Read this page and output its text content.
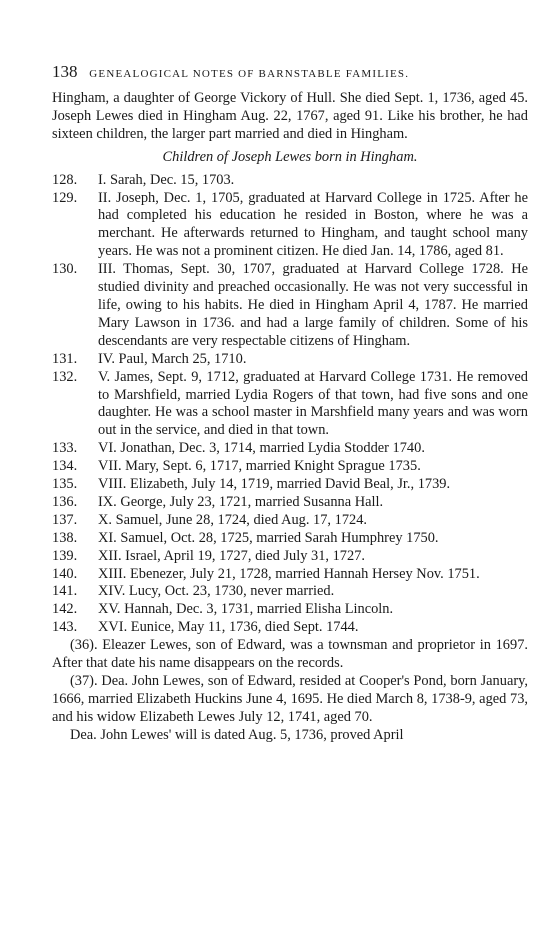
138 GENEALOGICAL NOTES OF BARNSTABLE FAMILIES.

Hingham, a daughter of George Vickory of Hull. She died Sept. 1, 1736, aged 45. Joseph Lewes died in Hingham Aug. 22, 1767, aged 91. Like his brother, he had sixteen children, the larger part married and died in Hingham.

Children of Joseph Lewes born in Hingham.
128.	I. Sarah, Dec. 15, 1703.
129.	II. Joseph, Dec. 1, 1705, graduated at Harvard College in 1725. After he had completed his education he resided in Boston, where he was a merchant. He afterwards returned to Hingham, and taught school many years. He was not a prominent citizen. He died Jan. 14, 1786, aged 81.
130.	III. Thomas, Sept. 30, 1707, graduated at Harvard College 1728. He studied divinity and preached occasionally. He was not very successful in life, owing to his habits. He died in Hingham April 4, 1787. He married Mary Lawson in 1736. and had a large family of children. Some of his descendants are very respectable citizens of Hingham.
131.	IV. Paul, March 25, 1710.
132.	V. James, Sept. 9, 1712, graduated at Harvard College 1731. He removed to Marshfield, married Lydia Rogers of that town, had five sons and one daughter. He was a school master in Marshfield many years and was worn out in the service, and died in that town.
133.	VI. Jonathan, Dec. 3, 1714, married Lydia Stodder 1740.
134.	VII. Mary, Sept. 6, 1717, married Knight Sprague 1735.
135.	VIII. Elizabeth, July 14, 1719, married David Beal, Jr., 1739.
136.	IX. George, July 23, 1721, married Susanna Hall.
137.	X. Samuel, June 28, 1724, died Aug. 17, 1724.
138.	XI. Samuel, Oct. 28, 1725, married Sarah Humphrey 1750.
139.	XII. Israel, April 19, 1727, died July 31, 1727.
140.	XIII. Ebenezer, July 21, 1728, married Hannah Hersey Nov. 1751.
141.	XIV. Lucy, Oct. 23, 1730, never married.
142.	XV. Hannah, Dec. 3, 1731, married Elisha Lincoln.
143.	XVI. Eunice, May 11, 1736, died Sept. 1744.

(36). Eleazer Lewes, son of Edward, was a townsman and proprietor in 1697. After that date his name disappears on the records.

(37). Dea. John Lewes, son of Edward, resided at Cooper's Pond, born January, 1666, married Elizabeth Huckins June 4, 1695. He died March 8, 1738-9, aged 73, and his widow Elizabeth Lewes July 12, 1741, aged 70.

Dea. John Lewes' will is dated Aug. 5, 1736, proved April
